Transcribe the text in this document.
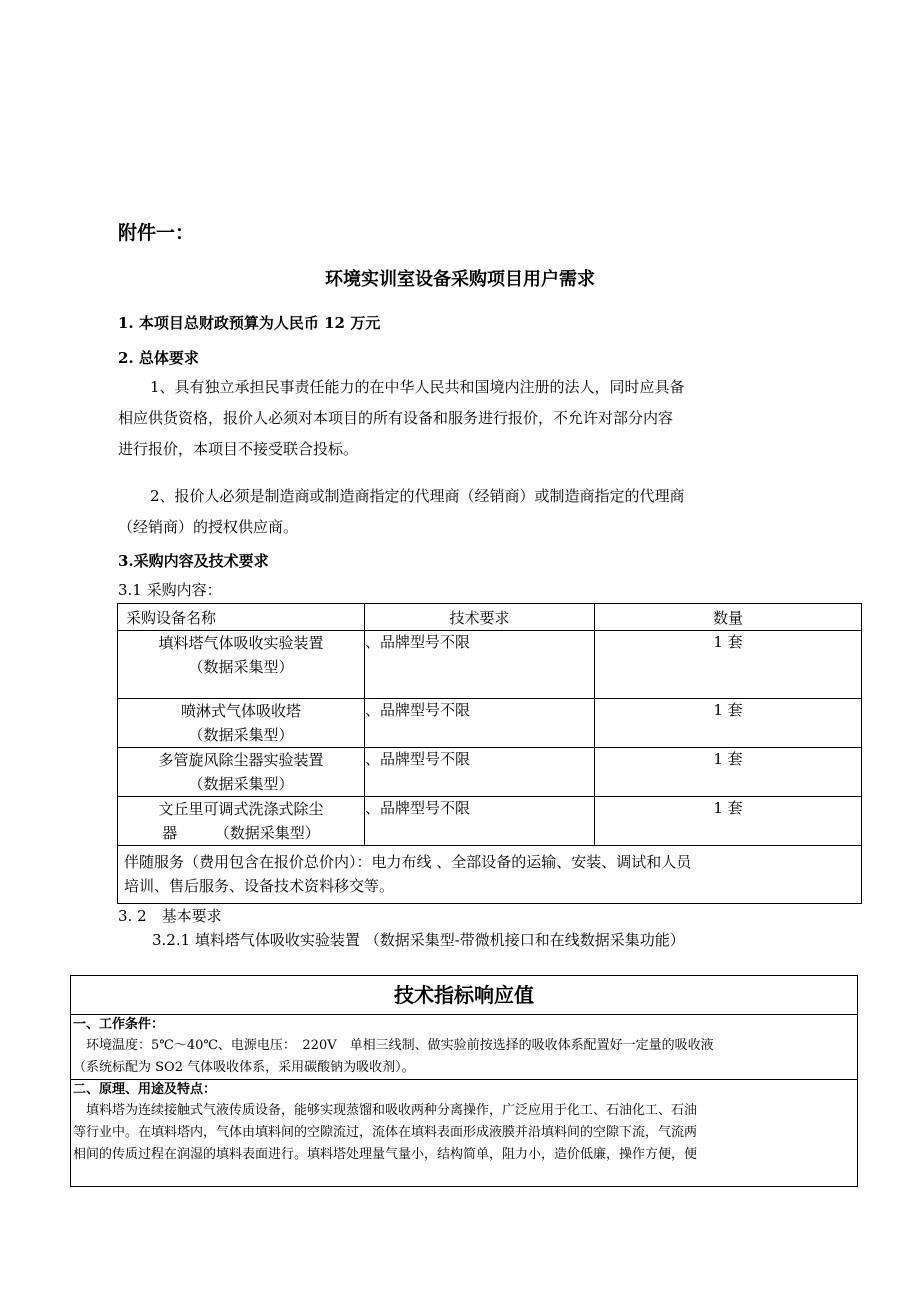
附件一：
环境实训室设备采购项目用户需求
1. 本项目总财政预算为人民币 12 万元
2. 总体要求
1、具有独立承担民事责任能力的在中华人民共和国境内注册的法人，同时应具备
相应供货资格，报价人必须对本项目的所有设备和服务进行报价，不允许对部分内容
进行报价，本项目不接受联合投标。
2、报价人必须是制造商或制造商指定的代理商（经销商）或制造商指定的代理商
（经销商）的授权供应商。
3.采购内容及技术要求
3.1 采购内容：
采购设备名称	技术要求	数量

填料塔气体吸收实验装置
（数据采集型）	、品牌型号不限	1 套

喷淋式气体吸收塔
（数据采集型）	、品牌型号不限	1 套

多管旋风除尘器实验装置
（数据采集型）	、品牌型号不限	1 套

文丘里可调式洗涤式除尘
器　　　（数据采集型）	、品牌型号不限	1 套

伴随服务（费用包含在报价总价内）：电力布线 、全部设备的运输、安装、调试和人员
培训、售后服务、设备技术资料移交等。		
3. 2　基本要求
3.2.1 填料塔气体吸收实验装置 （数据采集型-带微机接口和在线数据采集功能）
技术指标响应值
一、工作条件：
　环境温度：5℃～40℃、电源电压：　220V　单相三线制、做实验前按选择的吸收体系配置好一定量的吸收液
（系统标配为 SO2 气体吸收体系，采用碳酸钠为吸收剂）。
二、原理、用途及特点：
　填料塔为连续接触式气液传质设备，能够实现蒸馏和吸收两种分离操作，广泛应用于化工、石油化工、石油
等行业中。在填料塔内，气体由填料间的空隙流过，流体在填料表面形成液膜并沿填料间的空隙下流，气流两
相间的传质过程在润湿的填料表面进行。填料塔处理量气量小，结构简单，阻力小，造价低廉，操作方便，便
